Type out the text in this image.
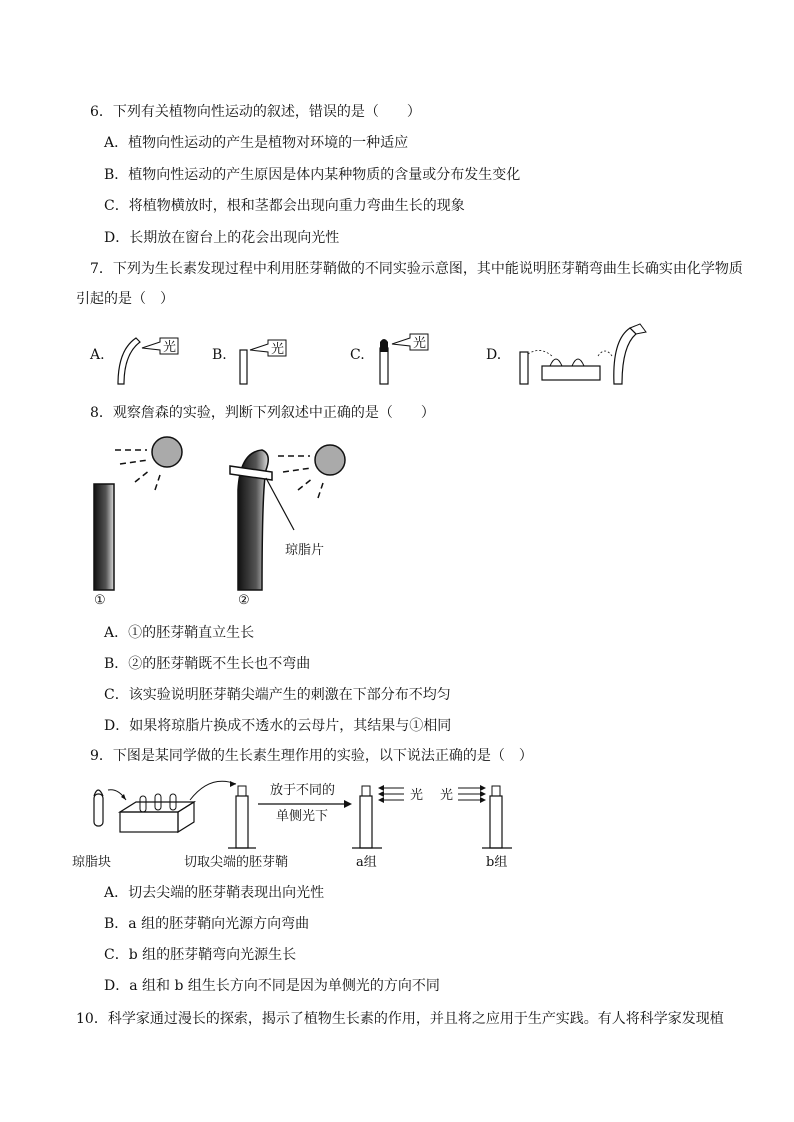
6．下列有关植物向性运动的叙述，错误的是（　　）
A．植物向性运动的产生是植物对环境的一种适应
B．植物向性运动的产生原因是体内某种物质的含量或分布发生变化
C．将植物横放时，根和茎都会出现向重力弯曲生长的现象
D．长期放在窗台上的花会出现向光性
7．下列为生长素发现过程中利用胚芽鞘做的不同实验示意图，其中能说明胚芽鞘弯曲生长确实由化学物质
引起的是（　）
A.	B.	C.	D.
光	光	光
8．观察詹森的实验，判断下列叙述中正确的是（　　）
①
琼脂片
②
A．①的胚芽鞘直立生长
B．②的胚芽鞘既不生长也不弯曲
C．该实验说明胚芽鞘尖端产生的刺激在下部分布不均匀
D．如果将琼脂片换成不透水的云母片，其结果与①相同
9．下图是某同学做的生长素生理作用的实验，以下说法正确的是（　）
琼脂块	切取尖端的胚芽鞘
放于不同的
单侧光下
光
a组
光
b组
A．切去尖端的胚芽鞘表现出向光性
B．a 组的胚芽鞘向光源方向弯曲
C．b 组的胚芽鞘弯向光源生长
D．a 组和 b 组生长方向不同是因为单侧光的方向不同
10．科学家通过漫长的探索，揭示了植物生长素的作用，并且将之应用于生产实践。有人将科学家发现植
